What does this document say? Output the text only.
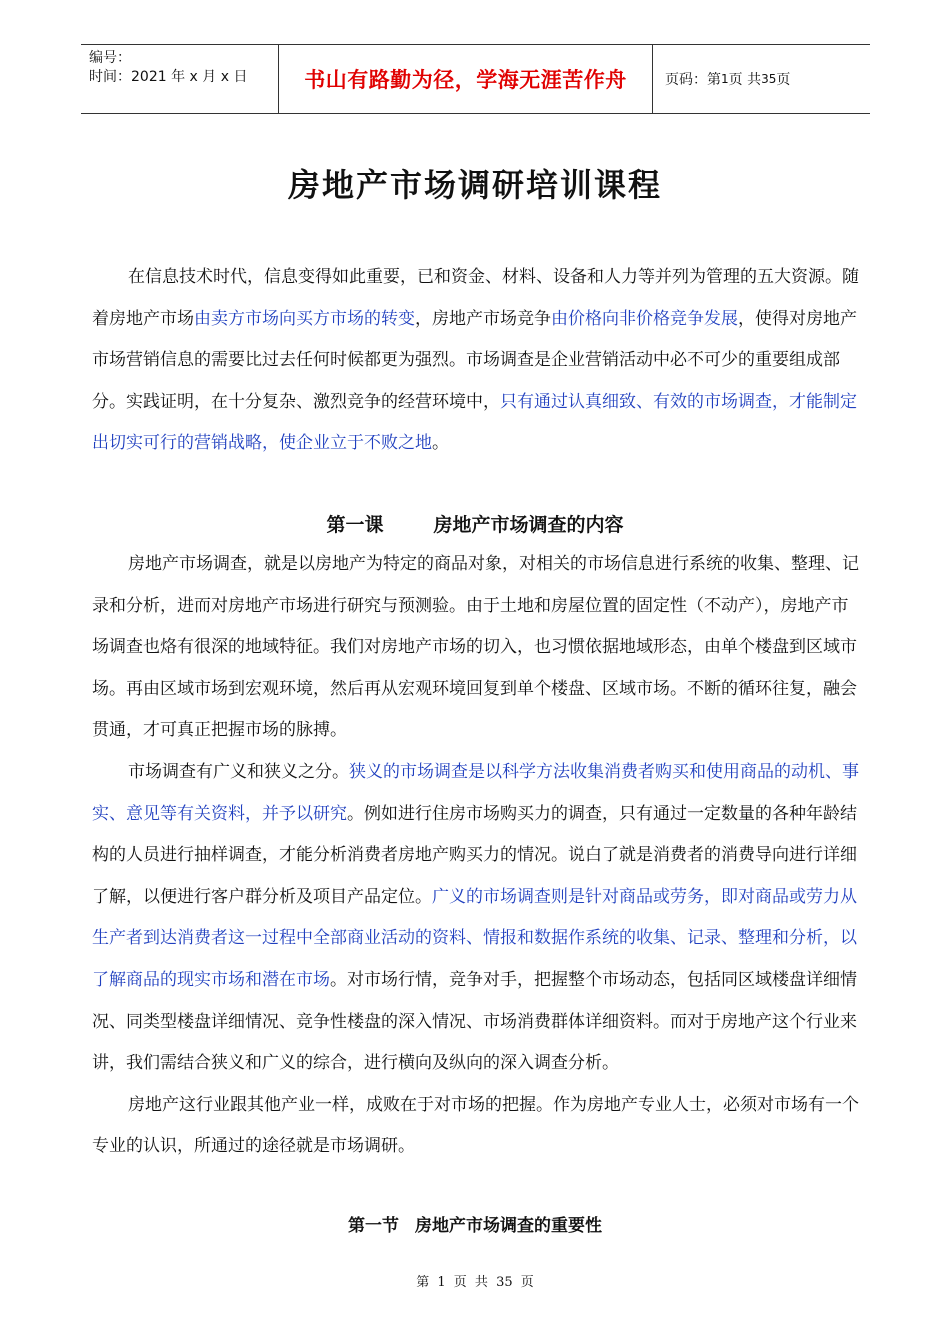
编号：
时间：2021 年 x 月 x 日	书山有路勤为径，学海无涯苦作舟	页码：第 1 页 共 35 页
房地产市场调研培训课程

在信息技术时代，信息变得如此重要，已和资金、材料、设备和人力等并列为管理的五大资源。随着房地产市场由卖方市场向买方市场的转变，房地产市场竞争由价格向非价格竞争发展，使得对房地产市场营销信息的需要比过去任何时候都更为强烈。市场调查是企业营销活动中必不可少的重要组成部分。实践证明，在十分复杂、激烈竞争的经营环境中，只有通过认真细致、有效的市场调查，才能制定出切实可行的营销战略，使企业立于不败之地。

第一课	房地产市场调查的内容

房地产市场调查，就是以房地产为特定的商品对象，对相关的市场信息进行系统的收集、整理、记录和分析，进而对房地产市场进行研究与预测验。由于土地和房屋位置的固定性（不动产），房地产市场调查也烙有很深的地域特征。我们对房地产市场的切入，也习惯依据地域形态，由单个楼盘到区域市场。再由区域市场到宏观环境，然后再从宏观环境回复到单个楼盘、区域市场。不断的循环往复，融会贯通，才可真正把握市场的脉搏。

市场调查有广义和狭义之分。狭义的市场调查是以科学方法收集消费者购买和使用商品的动机、事实、意见等有关资料，并予以研究。例如进行住房市场购买力的调查，只有通过一定数量的各种年龄结构的人员进行抽样调查，才能分析消费者房地产购买力的情况。说白了就是消费者的消费导向进行详细了解，以便进行客户群分析及项目产品定位。广义的市场调查则是针对商品或劳务，即对商品或劳力从生产者到达消费者这一过程中全部商业活动的资料、情报和数据作系统的收集、记录、整理和分析，以了解商品的现实市场和潜在市场。对市场行情，竞争对手，把握整个市场动态，包括同区域楼盘详细情况、同类型楼盘详细情况、竞争性楼盘的深入情况、市场消费群体详细资料。而对于房地产这个行业来讲，我们需结合狭义和广义的综合，进行横向及纵向的深入调查分析。

房地产这行业跟其他产业一样，成败在于对市场的把握。作为房地产专业人士，必须对市场有一个专业的认识，所通过的途径就是市场调研。

第一节 房地产市场调查的重要性
第 1 页 共 35 页
